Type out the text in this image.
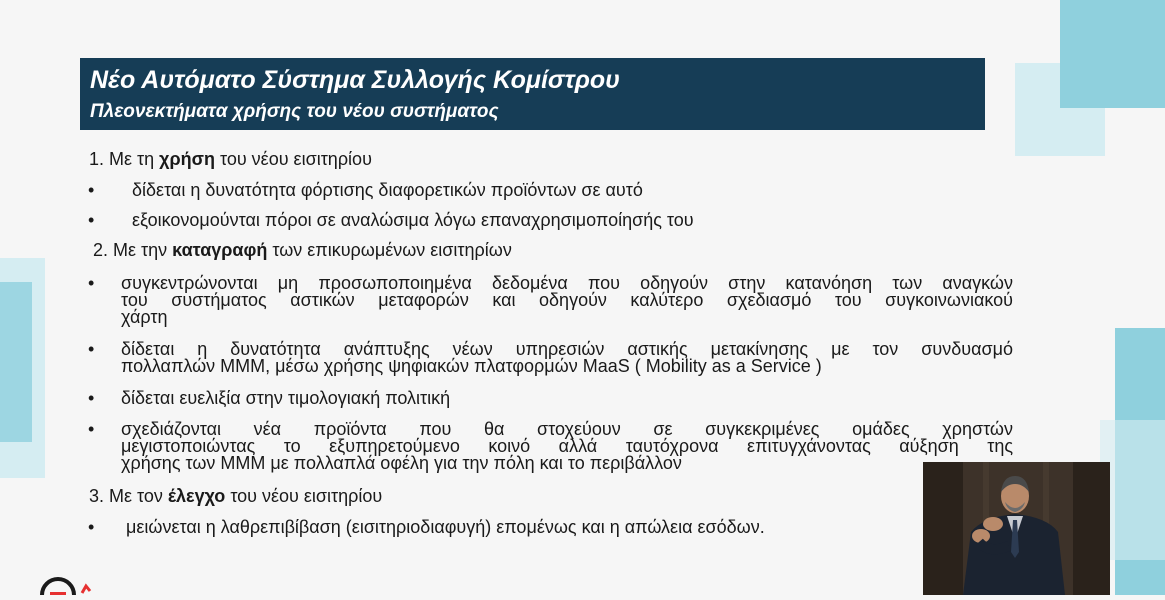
Νέο Αυτόματο Σύστημα Συλλογής Κομίστρου
Πλεονεκτήματα χρήσης του νέου συστήματος
1. Με τη χρήση του νέου εισιτηρίου
• δίδεται η δυνατότητα φόρτισης διαφορετικών προϊόντων σε αυτό
• εξοικονομούνται πόροι σε αναλώσιμα λόγω επαναχρησιμοποίησής του
2. Με την καταγραφή των επικυρωμένων εισιτηρίων
• συγκεντρώνονται μη προσωποποιημένα δεδομένα που οδηγούν στην κατανόηση των αναγκών
του συστήματος αστικών μεταφορών και οδηγούν καλύτερο σχεδιασμό του συγκοινωνιακού
χάρτη
• δίδεται η δυνατότητα ανάπτυξης νέων υπηρεσιών αστικής μετακίνησης με τον συνδυασμό
πολλαπλών ΜΜΜ, μέσω χρήσης ψηφιακών πλατφορμών MaaS ( Mobility as a Service )
• δίδεται ευελιξία στην τιμολογιακή πολιτική
• σχεδιάζονται νέα προϊόντα που θα στοχεύουν σε συγκεκριμένες ομάδες χρηστών
μεγιστοποιώντας το εξυπηρετούμενο κοινό αλλά ταυτόχρονα επιτυγχάνοντας αύξηση της
χρήσης των ΜΜΜ με πολλαπλά οφέλη για την πόλη και το περιβάλλον
3. Με τον έλεγχο του νέου εισιτηρίου
• μειώνεται η λαθρεπιβίβαση (εισιτηριοδιαφυγή) επομένως και η απώλεια εσόδων.
